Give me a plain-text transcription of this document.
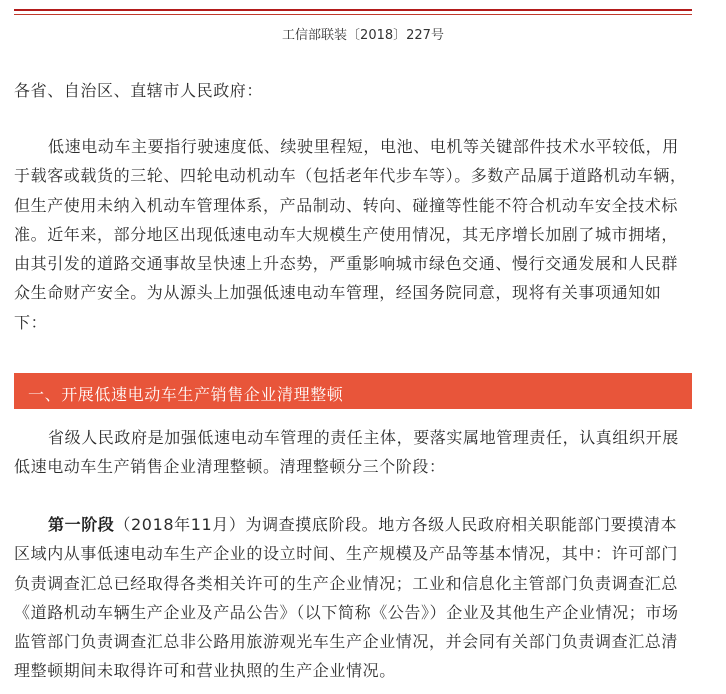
工信部联装〔2018〕227号
各省、自治区、直辖市人民政府：
低速电动车主要指行驶速度低、续驶里程短，电池、电机等关键部件技术水平较低，用于载客或载货的三轮、四轮电动机动车（包括老年代步车等）。多数产品属于道路机动车辆，但生产使用未纳入机动车管理体系，产品制动、转向、碰撞等性能不符合机动车安全技术标准。近年来，部分地区出现低速电动车大规模生产使用情况，其无序增长加剧了城市拥堵，由其引发的道路交通事故呈快速上升态势，严重影响城市绿色交通、慢行交通发展和人民群众生命财产安全。为从源头上加强低速电动车管理，经国务院同意，现将有关事项通知如下：
一、开展低速电动车生产销售企业清理整顿
省级人民政府是加强低速电动车管理的责任主体，要落实属地管理责任，认真组织开展低速电动车生产销售企业清理整顿。清理整顿分三个阶段：
第一阶段（2018年11月）为调查摸底阶段。地方各级人民政府相关职能部门要摸清本区域内从事低速电动车生产企业的设立时间、生产规模及产品等基本情况，其中：许可部门负责调查汇总已经取得各类相关许可的生产企业情况；工业和信息化主管部门负责调查汇总《道路机动车辆生产企业及产品公告》（以下简称《公告》）企业及其他生产企业情况；市场监管部门负责调查汇总非公路用旅游观光车生产企业情况，并会同有关部门负责调查汇总清理整顿期间未取得许可和营业执照的生产企业情况。
